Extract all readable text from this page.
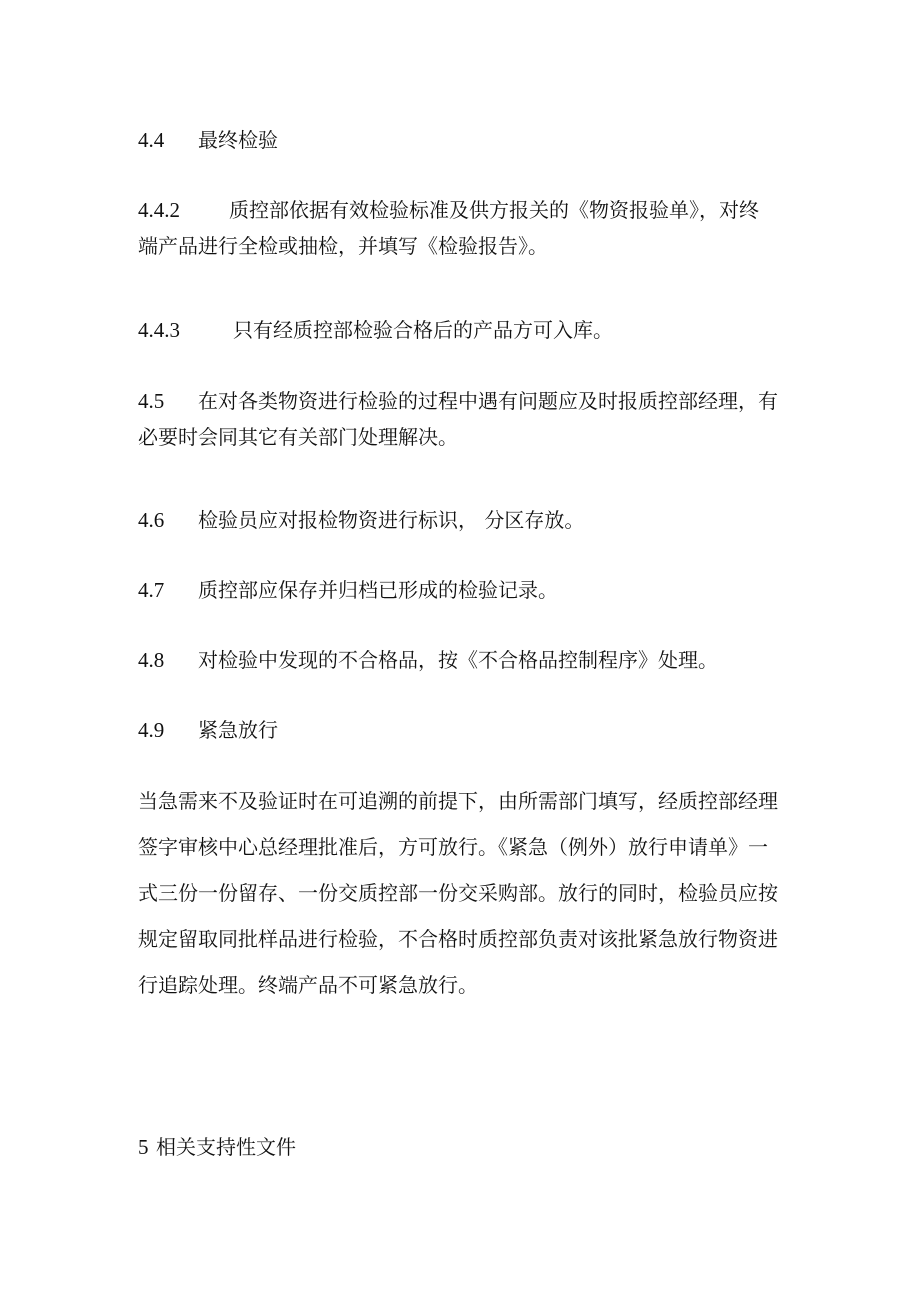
4.4 最终检验
4.4.2 质控部依据有效检验标准及供方报关的《物资报验单》，对终
端产品进行全检或抽检，并填写《检验报告》。
4.4.3	只有经质控部检验合格后的产品方可入库。
4.5 在对各类物资进行检验的过程中遇有问题应及时报质控部经理，有
必要时会同其它有关部门处理解决。
4.6 检验员应对报检物资进行标识， 分区存放。
4.7 质控部应保存并归档已形成的检验记录。
4.8 对检验中发现的不合格品，按《不合格品控制程序》处理。
4.9 紧急放行
当急需来不及验证时在可追溯的前提下，由所需部门填写，经质控部经理
签字审核中心总经理批准后，方可放行。《紧急（例外）放行申请单》一
式三份一份留存、一份交质控部一份交采购部。放行的同时，检验员应按
规定留取同批样品进行检验，不合格时质控部负责对该批紧急放行物资进
行追踪处理。终端产品不可紧急放行。
5 相关支持性文件
